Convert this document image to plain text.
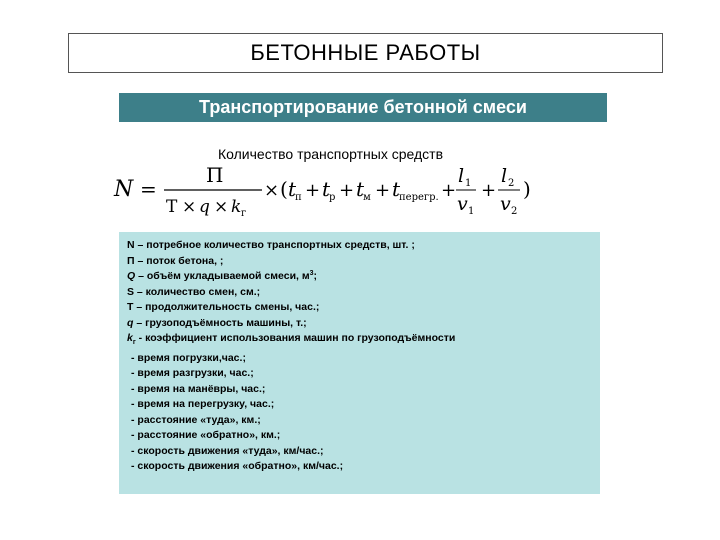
БЕТОННЫЕ РАБОТЫ
Транспортирование бетонной смеси
Количество транспортных средств
N =
П
T × q × k г
× ( t
п + t
р + t
м + t
перегр. +
l 1
v 1
+
l 2
v 2
)
N – потребное количество транспортных средств, шт. ;
П – поток бетона, ;
Q – объём укладываемой смеси, $м^3$;
S – количество смен, см.;
Т – продолжительность смены, час.;
q – грузоподъёмность машины, т.;
$k_г$ - коэффициент использования машин по грузоподъёмности
- время погрузки,час.;
- время разгрузки, час.;
- время на манёвры, час.;
- время на перегрузку, час.;
- расстояние «туда», км.;
- расстояние «обратно», км.;
- скорость движения «туда», км/час.;
- скорость движения «обратно», км/час.;
